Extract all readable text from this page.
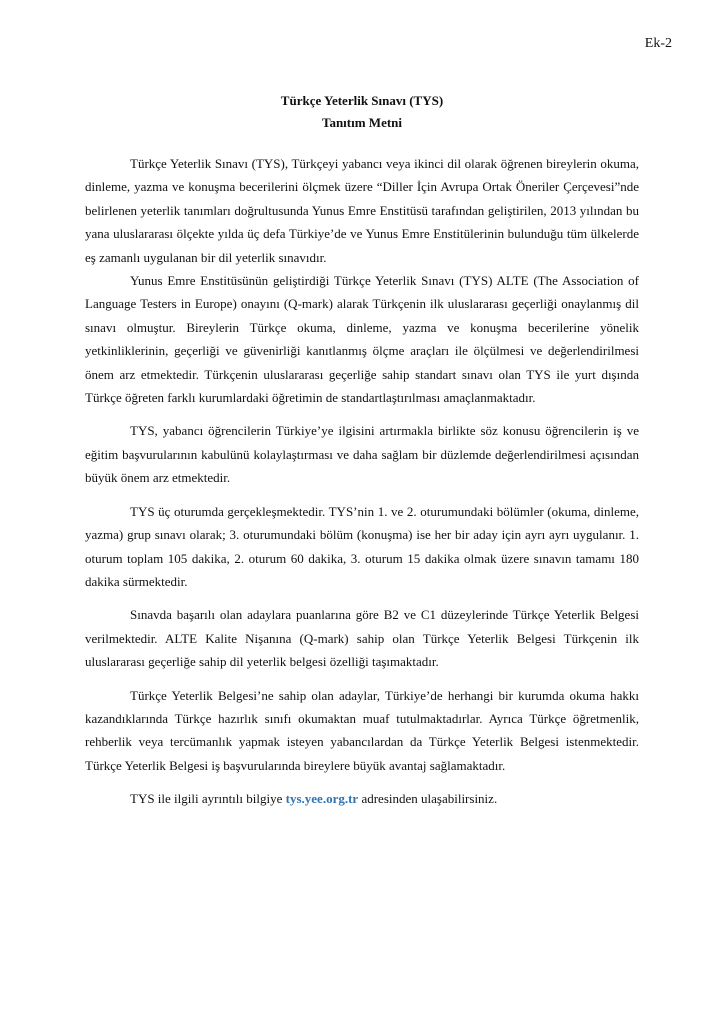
Ek-2
Türkçe Yeterlik Sınavı (TYS)
Tanıtım Metni

Türkçe Yeterlik Sınavı (TYS), Türkçeyi yabancı veya ikinci dil olarak öğrenen bireylerin okuma, dinleme, yazma ve konuşma becerilerini ölçmek üzere “Diller İçin Avrupa Ortak Öneriler Çerçevesi”nde belirlenen yeterlik tanımları doğrultusunda Yunus Emre Enstitüsü tarafından geliştirilen, 2013 yılından bu yana uluslararası ölçekte yılda üç defa Türkiye’de ve Yunus Emre Enstitülerinin bulunduğu tüm ülkelerde eş zamanlı uygulanan bir dil yeterlik sınavıdır.

Yunus Emre Enstitüsünün geliştirdiği Türkçe Yeterlik Sınavı (TYS) ALTE (The Association of Language Testers in Europe) onayını (Q-mark) alarak Türkçenin ilk uluslararası geçerliği onaylanmış dil sınavı olmuştur. Bireylerin Türkçe okuma, dinleme, yazma ve konuşma becerilerine yönelik yetkinliklerinin, geçerliği ve güvenirliği kanıtlanmış ölçme araçları ile ölçülmesi ve değerlendirilmesi önem arz etmektedir. Türkçenin uluslararası geçerliğe sahip standart sınavı olan TYS ile yurt dışında Türkçe öğreten farklı kurumlardaki öğretimin de standartlaştırılması amaçlanmaktadır.

TYS, yabancı öğrencilerin Türkiye’ye ilgisini artırmakla birlikte söz konusu öğrencilerin iş ve eğitim başvurularının kabulünü kolaylaştırması ve daha sağlam bir düzlemde değerlendirilmesi açısından büyük önem arz etmektedir.

TYS üç oturumda gerçekleşmektedir. TYS’nin 1. ve 2. oturumundaki bölümler (okuma, dinleme, yazma) grup sınavı olarak; 3. oturumundaki bölüm (konuşma) ise her bir aday için ayrı ayrı uygulanır. 1. oturum toplam 105 dakika, 2. oturum 60 dakika, 3. oturum 15 dakika olmak üzere sınavın tamamı 180 dakika sürmektedir.

Sınavda başarılı olan adaylara puanlarına göre B2 ve C1 düzeylerinde Türkçe Yeterlik Belgesi verilmektedir. ALTE Kalite Nişanına (Q-mark) sahip olan Türkçe Yeterlik Belgesi Türkçenin ilk uluslararası geçerliğe sahip dil yeterlik belgesi özelliği taşımaktadır.

Türkçe Yeterlik Belgesi’ne sahip olan adaylar, Türkiye’de herhangi bir kurumda okuma hakkı kazandıklarında Türkçe hazırlık sınıfı okumaktan muaf tutulmaktadırlar. Ayrıca Türkçe öğretmenlik, rehberlik veya tercümanlık yapmak isteyen yabancılardan da Türkçe Yeterlik Belgesi istenmektedir. Türkçe Yeterlik Belgesi iş başvurularında bireylere büyük avantaj sağlamaktadır.

TYS ile ilgili ayrıntılı bilgiye tys.yee.org.tr adresinden ulaşabilirsiniz.
